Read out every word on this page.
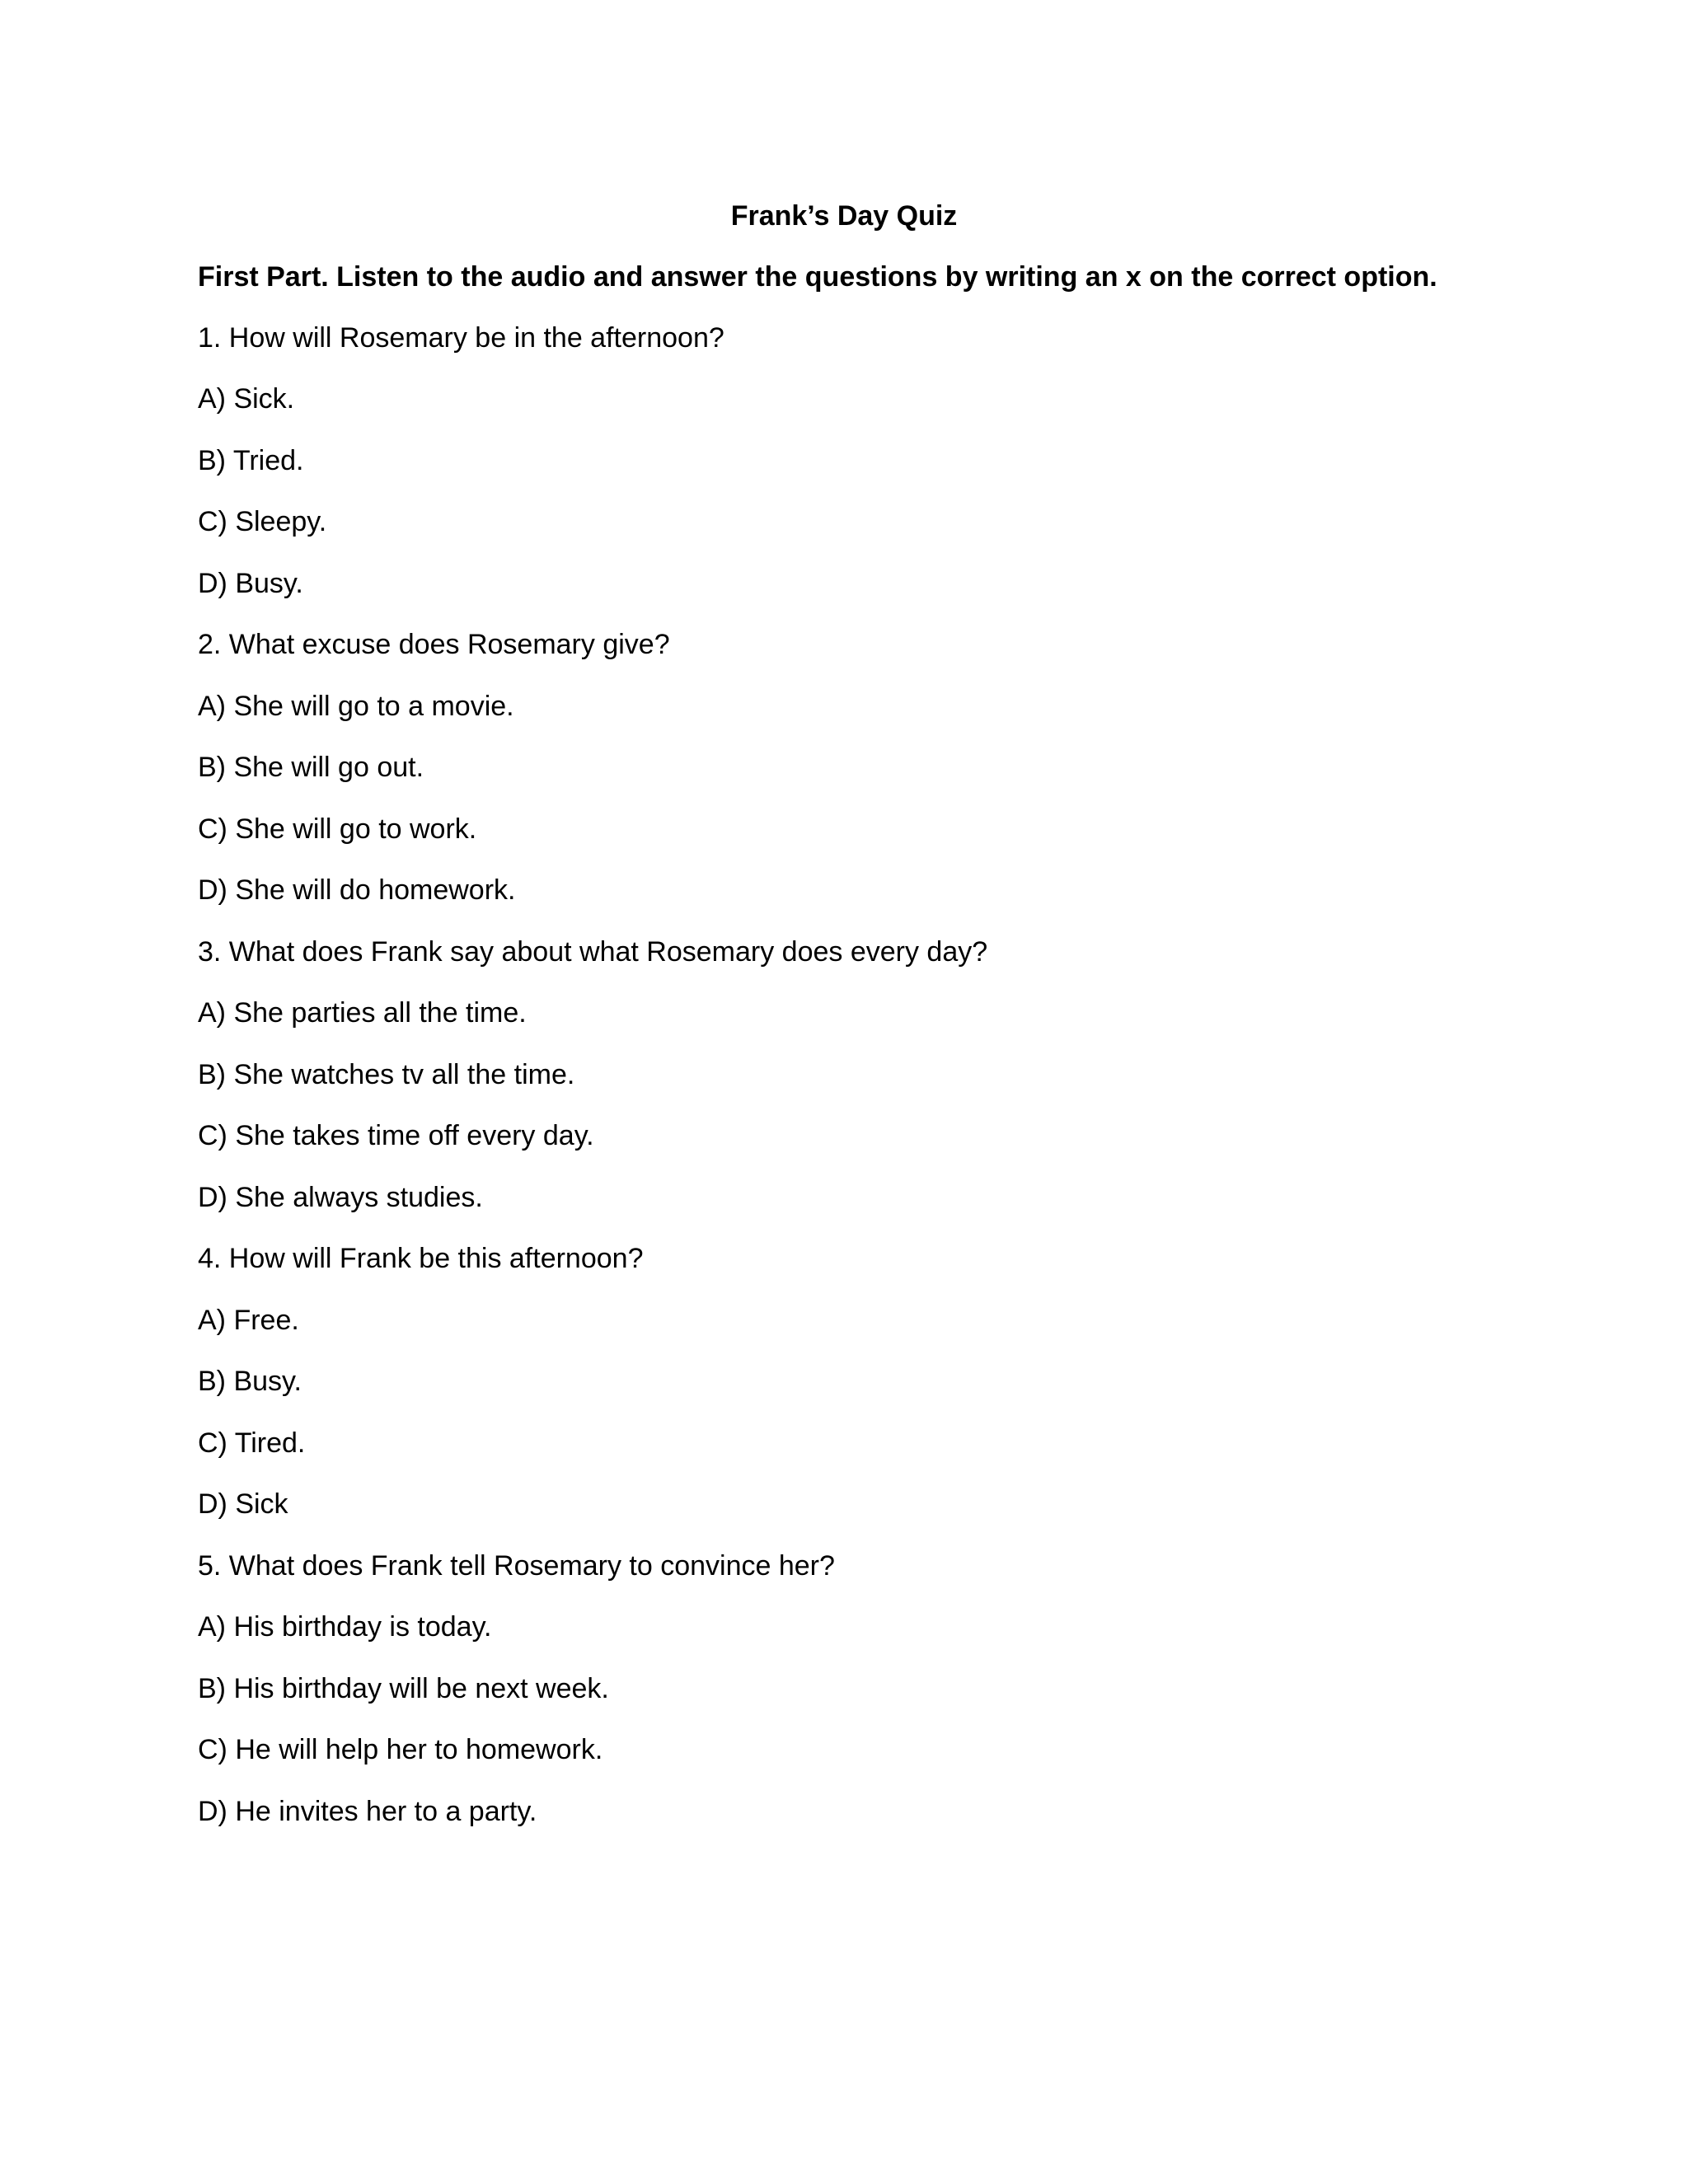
Frank’s Day Quiz

First Part. Listen to the audio and answer the questions by writing an x on the correct option.

1. How will Rosemary be in the afternoon?

A) Sick.

B) Tried.

C) Sleepy.

D) Busy.

2. What excuse does Rosemary give?

A) She will go to a movie.

B) She will go out.

C) She will go to work.

D) She will do homework.

3. What does Frank say about what Rosemary does every day?

A) She parties all the time.

B) She watches tv all the time.

C) She takes time off every day.

D) She always studies.

4. How will Frank be this afternoon?

A) Free.

B) Busy.

C) Tired.

D) Sick

5. What does Frank tell Rosemary to convince her?

A) His birthday is today.

B) His birthday will be next week.

C) He will help her to homework.

D) He invites her to a party.
